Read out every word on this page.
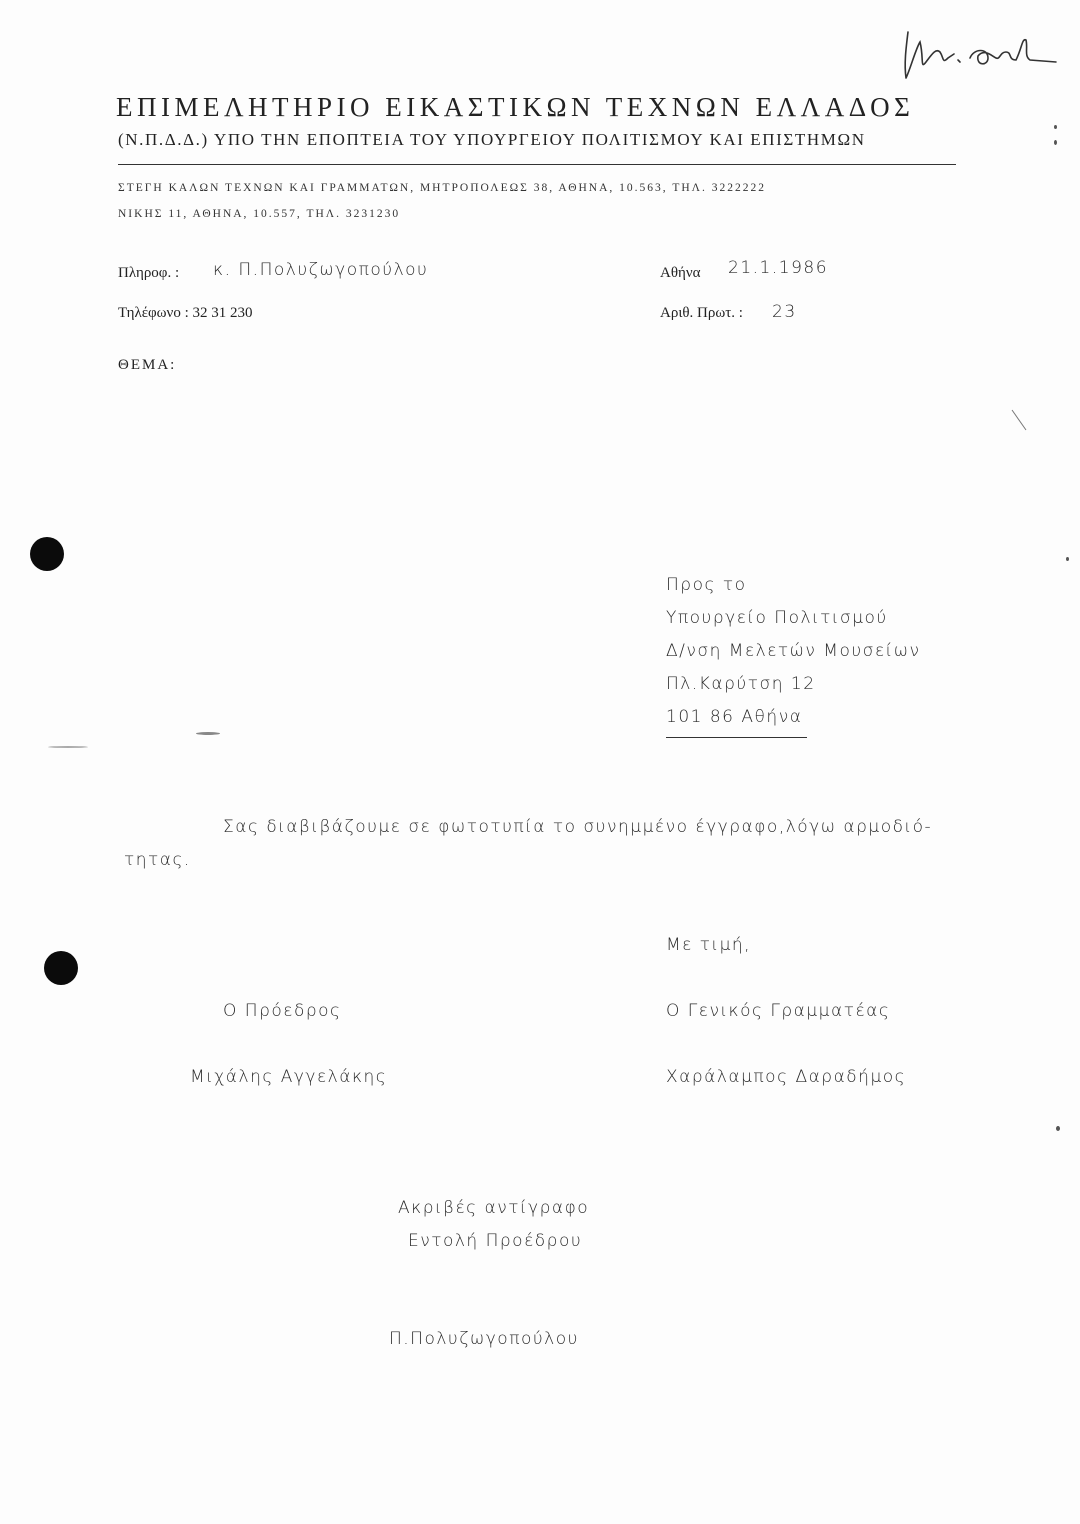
ΕΠΙΜΕΛΗΤΗΡΙΟ ΕΙΚΑΣΤΙΚΩΝ ΤΕΧΝΩΝ ΕΛΛΑΔΟΣ
(Ν.Π.Δ.Δ.) ΥΠΟ ΤΗΝ ΕΠΟΠΤΕΙΑ ΤΟΥ ΥΠΟΥΡΓΕΙΟΥ ΠΟΛΙΤΙΣΜΟΥ ΚΑΙ ΕΠΙΣΤΗΜΩΝ
ΣΤΕΓΗ ΚΑΛΩΝ ΤΕΧΝΩΝ ΚΑΙ ΓΡΑΜΜΑΤΩΝ, ΜΗΤΡΟΠΟΛΕΩΣ 38, ΑΘΗΝΑ, 10.563, ΤΗΛ. 3222222
ΝΙΚΗΣ 11, ΑΘΗΝΑ, 10.557, ΤΗΛ. 3231230
Πληροφ. : κ. Π.Πολυζωγοπούλου
Τηλέφωνο : 32 31 230
Αθήνα 21.1.1986
Αριθ. Πρωτ. : 23
ΘΕΜΑ:
Προς το
Υπουργείο Πολιτισμού
Δ/νση Μελετών Μουσείων
Πλ.Καρύτση 12
101 86 Αθήνα
Σας διαβιβάζουμε σε φωτοτυπία το συνημμένο έγγραφο,λόγω αρμοδιό-
τητας.
Με τιμή,
Ο Πρόεδρος	Ο Γενικός Γραμματέας
Μιχάλης Αγγελάκης	Χαράλαμπος Δαραδήμος
Ακριβές αντίγραφο
Εντολή Προέδρου
Π.Πολυζωγοπούλου
